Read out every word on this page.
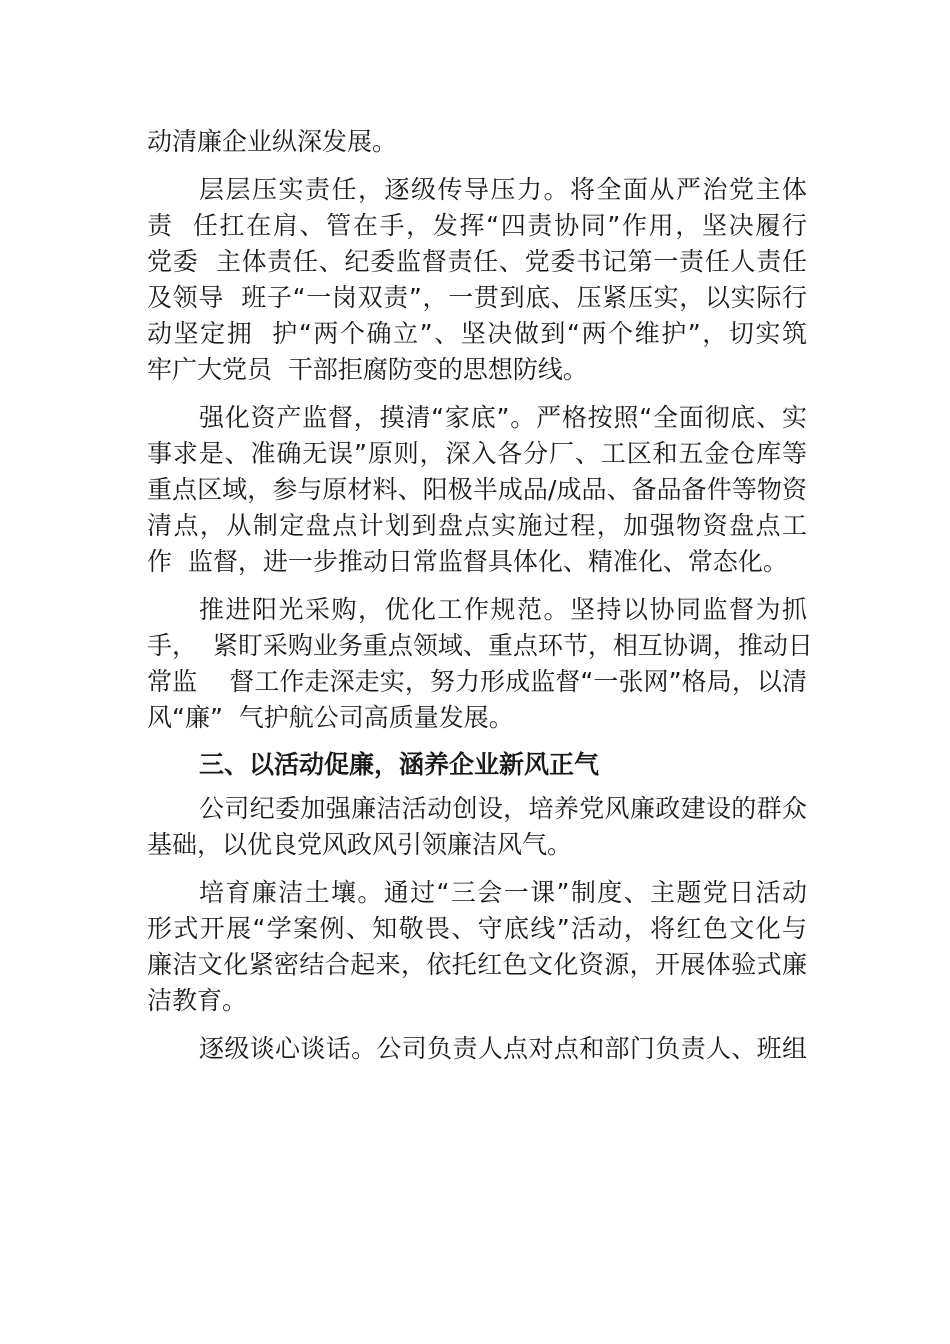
动清廉企业纵深发展。
层层压实责任，逐级传导压力。将全面从严治党主体
责  任扛在肩、管在手，发挥“四责协同”作用，坚决履行
党委  主体责任、纪委监督责任、党委书记第一责任人责任
及领导  班子“一岗双责”，一贯到底、压紧压实，以实际行
动坚定拥  护“两个确立”、坚决做到“两个维护”，切实筑
牢广大党员  干部拒腐防变的思想防线。
强化资产监督，摸清“家底”。严格按照“全面彻底、实
事求是、准确无误”原则，深入各分厂、工区和五金仓库等
重点区域，参与原材料、阳极半成品/成品、备品备件等物资
清点，从制定盘点计划到盘点实施过程，加强物资盘点工
作  监督，进一步推动日常监督具体化、精准化、常态化。
推进阳光采购，优化工作规范。坚持以协同监督为抓
手，  紧盯采购业务重点领域、重点环节，相互协调，推动日
常监    督工作走深走实，努力形成监督“一张网”格局，以清
风“廉”  气护航公司高质量发展。
三、以活动促廉，涵养企业新风正气
公司纪委加强廉洁活动创设，培养党风廉政建设的群众
基础，以优良党风政风引领廉洁风气。
培育廉洁土壤。通过“三会一课”制度、主题党日活动
形式开展“学案例、知敬畏、守底线”活动，将红色文化与
廉洁文化紧密结合起来，依托红色文化资源，开展体验式廉
洁教育。
逐级谈心谈话。公司负责人点对点和部门负责人、班组
